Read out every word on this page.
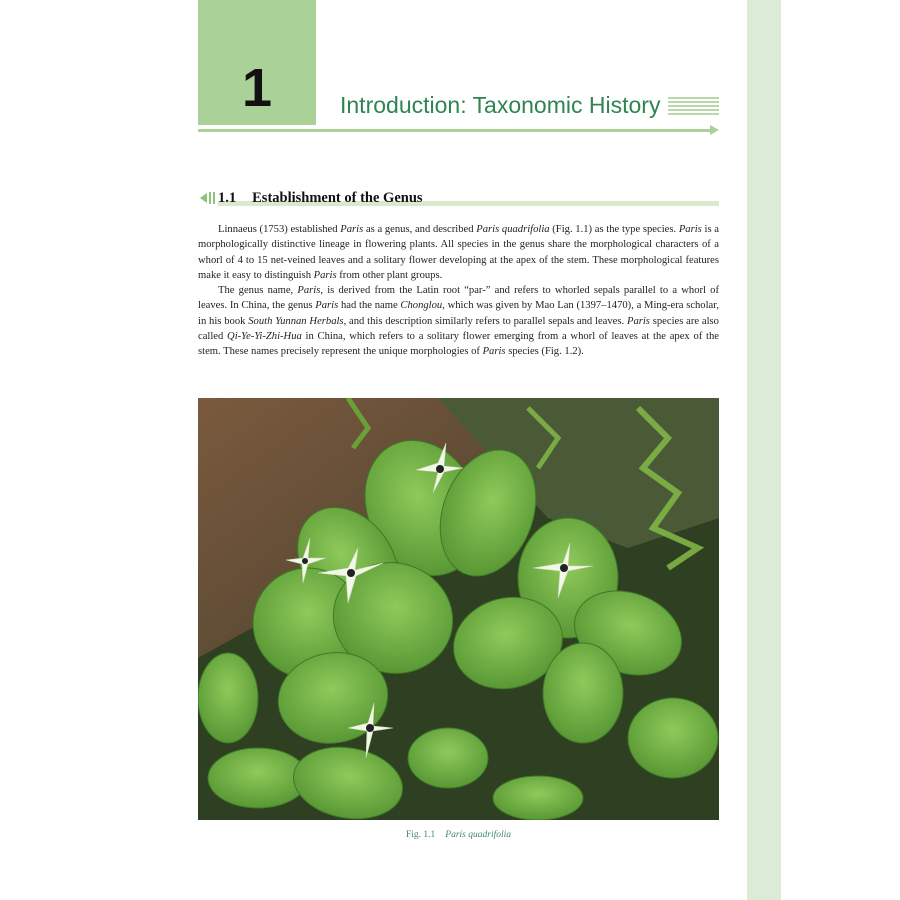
1	Introduction: Taxonomic History
1.1 Establishment of the Genus

Linnaeus (1753) established Paris as a genus, and described Paris quadrifolia (Fig. 1.1) as the type species. Paris is a morphologically distinctive lineage in flowering plants. All species in the genus share the morphological characters of a whorl of 4 to 15 net-veined leaves and a solitary flower developing at the apex of the stem. These morphological features make it easy to distinguish Paris from other plant groups.

The genus name, Paris, is derived from the Latin root “par-” and refers to whorled sepals parallel to a whorl of leaves. In China, the genus Paris had the name Chonglou, which was given by Mao Lan (1397–1470), a Ming-era scholar, in his book South Yunnan Herbals, and this description similarly refers to parallel sepals and leaves. Paris species are also called Qi-Ye-Yi-Zhi-Hua in China, which refers to a solitary flower emerging from a whorl of leaves at the apex of the stem. These names precisely represent the unique morphologies of Paris species (Fig. 1.2).

Fig. 1.1 Paris quadrifolia
